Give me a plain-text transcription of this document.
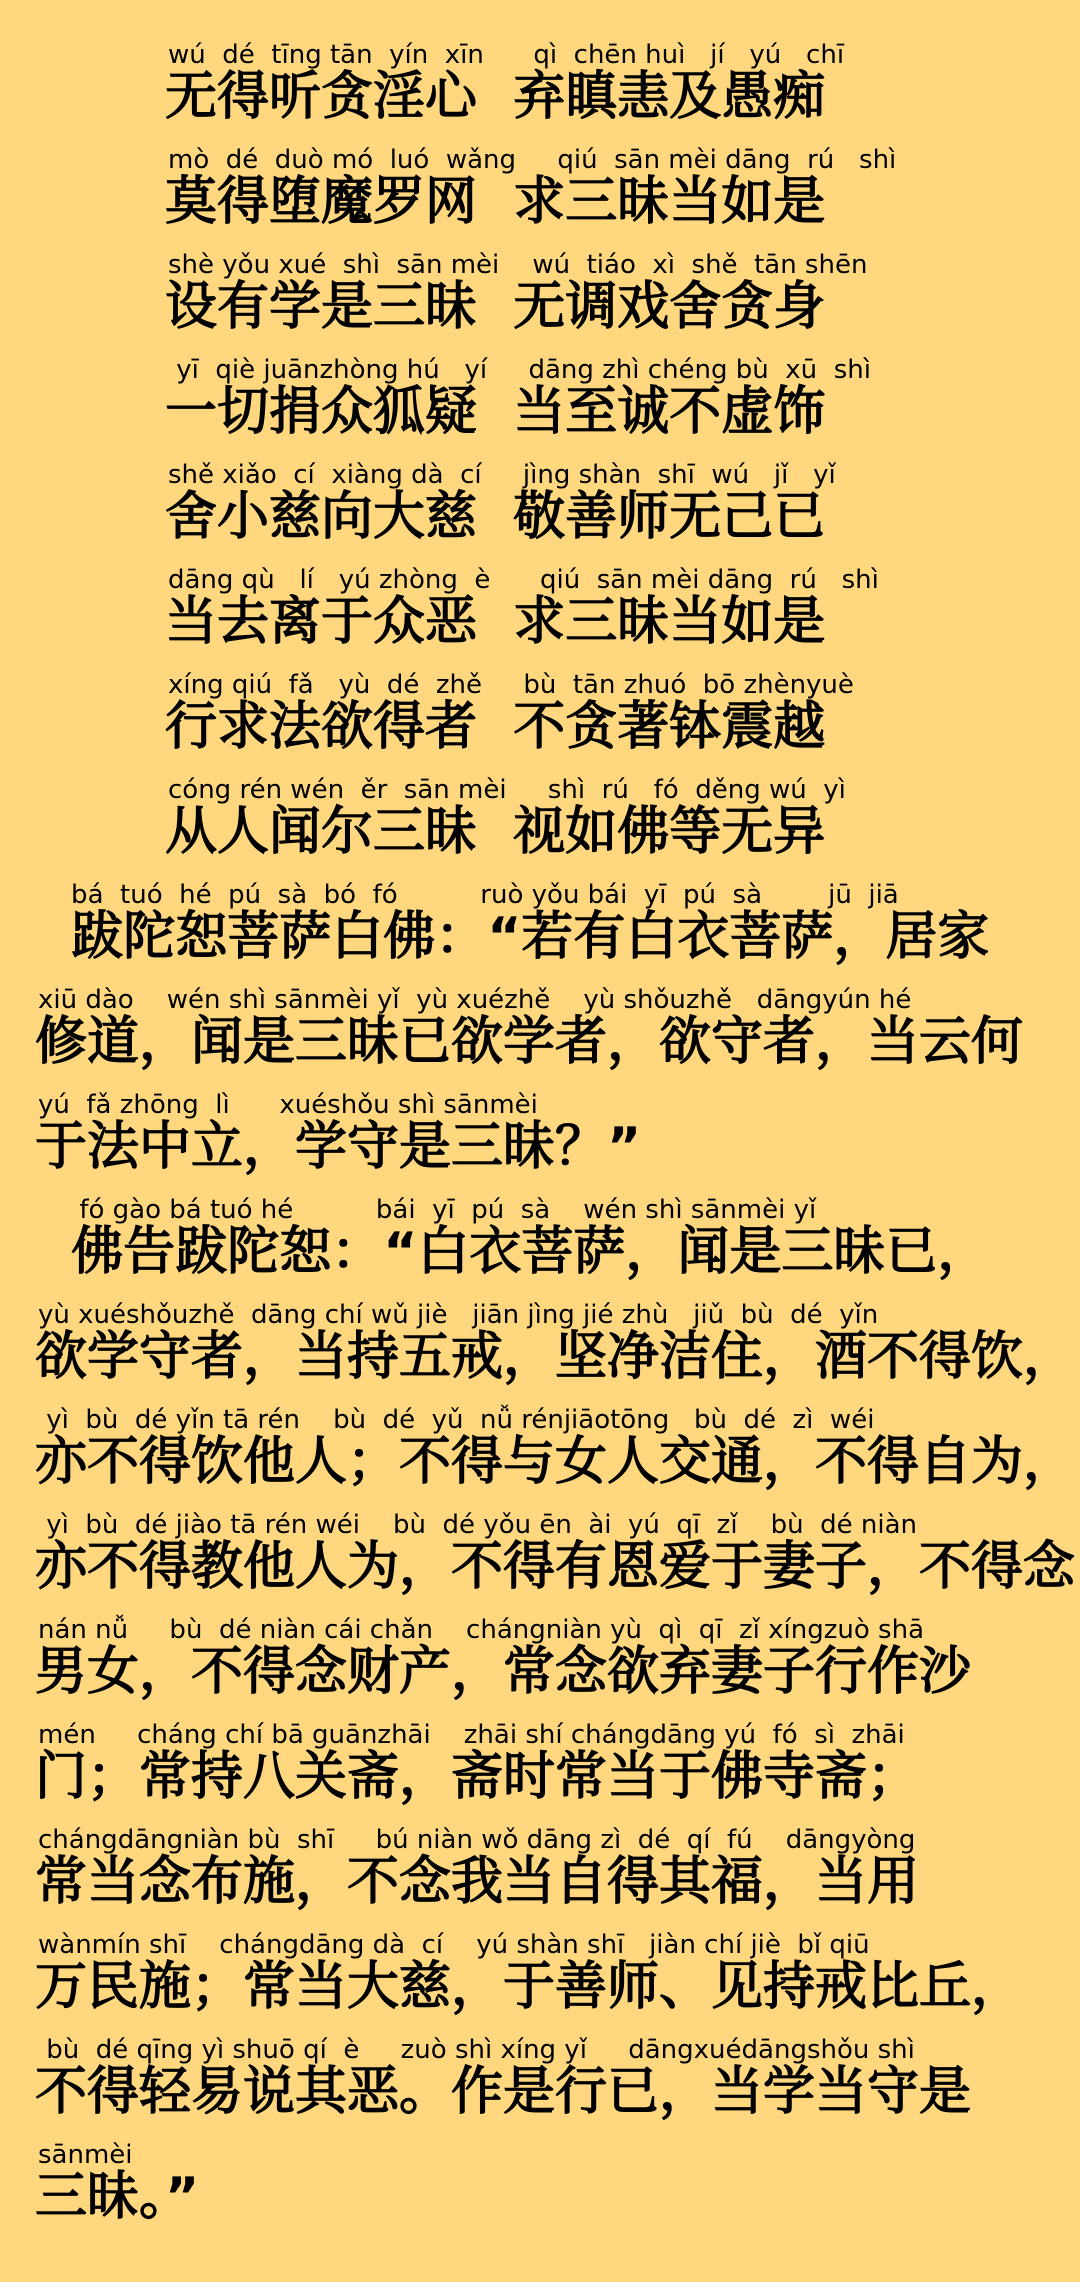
wú  dé  tīng tān  yín  xīn      qì  chēn huì   jí   yú   chī
无得听贪淫心  弃瞋恚及愚痴
mò  dé  duò mó  luó  wǎng     qiú  sān mèi dāng  rú   shì
莫得堕魔罗网  求三昧当如是
shè yǒu xué  shì  sān mèi    wú  tiáo  xì  shě  tān shēn
设有学是三昧  无调戏舍贪身
yī  qiè juānzhòng hú   yí     dāng zhì chéng bù  xū  shì
一切捐众狐疑  当至诚不虚饰
shě xiǎo  cí  xiàng dà  cí     jìng shàn  shī  wú   jǐ   yǐ
舍小慈向大慈  敬善师无己已
dāng qù   lí   yú zhòng  è      qiú  sān mèi dāng  rú   shì
当去离于众恶  求三昧当如是
xíng qiú  fǎ   yù  dé  zhě     bù  tān zhuó  bō zhènyuè
行求法欲得者  不贪著钵震越
cóng rén wén  ěr  sān mèi     shì  rú   fó  děng wú  yì
从人闻尔三昧  视如佛等无异
bá  tuó  hé  pú  sà  bó  fó          ruò yǒu bái  yī  pú  sà        jū  jiā
跋陀恕菩萨白佛：“若有白衣菩萨，居家
xiū dào    wén shì sānmèi yǐ  yù xuézhě    yù shǒuzhě   dāngyún hé
修道，闻是三昧已欲学者，欲守者，当云何
yú  fǎ zhōng  lì      xuéshǒu shì sānmèi
于法中立，学守是三昧？”
fó gào bá tuó hé          bái  yī  pú  sà    wén shì sānmèi yǐ
佛告跋陀恕：“白衣菩萨，闻是三昧已，
yù xuéshǒuzhě  dāng chí wǔ jiè   jiān jìng jié zhù   jiǔ  bù  dé  yǐn
欲学守者，当持五戒，坚净洁住，酒不得饮，
yì  bù  dé yǐn tā rén    bù  dé  yǔ  nǚ rénjiāotōng   bù  dé  zì  wéi
亦不得饮他人；不得与女人交通，不得自为，
yì  bù  dé jiào tā rén wéi    bù  dé yǒu ēn  ài  yú  qī  zǐ    bù  dé niàn
亦不得教他人为，不得有恩爱于妻子，不得念
nán nǚ     bù  dé niàn cái chǎn    chángniàn yù  qì  qī  zǐ xíngzuò shā
男女，不得念财产，常念欲弃妻子行作沙
mén     cháng chí bā guānzhāi    zhāi shí chángdāng yú  fó  sì  zhāi
门；常持八关斋，斋时常当于佛寺斋；
chángdāngniàn bù  shī     bú niàn wǒ dāng zì  dé  qí  fú    dāngyòng
常当念布施，不念我当自得其福，当用
wànmín shī    chángdāng dà  cí    yú shàn shī   jiàn chí jiè  bǐ qiū
万民施；常当大慈，于善师、见持戒比丘，
bù  dé qīng yì shuō qí  è     zuò shì xíng yǐ     dāngxuédāngshǒu shì
不得轻易说其恶。作是行已，当学当守是
sānmèi
三昧。”
